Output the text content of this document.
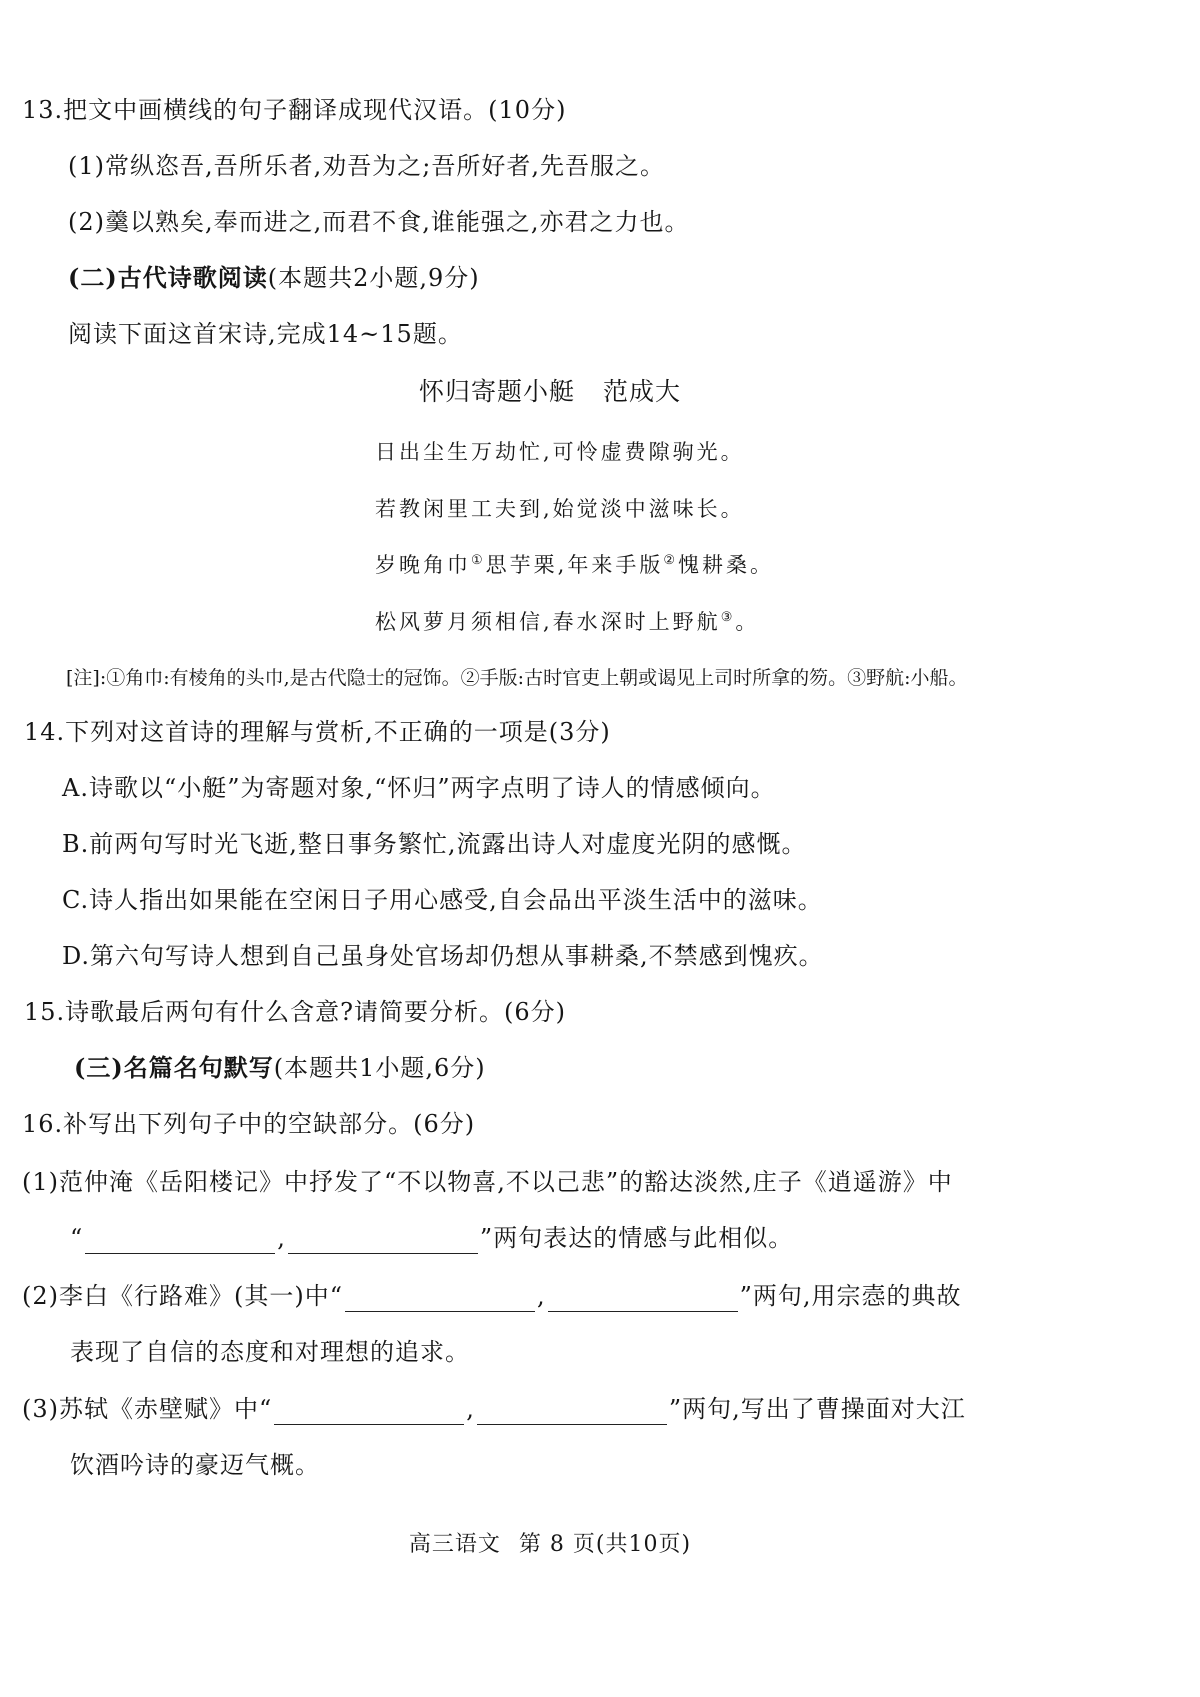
13.把文中画横线的句子翻译成现代汉语。(10分)
(1)常纵恣吾,吾所乐者,劝吾为之;吾所好者,先吾服之。
(2)羹以熟矣,奉而进之,而君不食,谁能强之,亦君之力也。
(二)古代诗歌阅读(本题共2小题,9分)
阅读下面这首宋诗,完成14~15题。
怀归寄题小艇 范成大
日出尘生万劫忙,可怜虚费隙驹光。
若教闲里工夫到,始觉淡中滋味长。
岁晚角巾①思芋栗,年来手版②愧耕桑。
松风萝月须相信,春水深时上野航③。
[注]:①角巾:有棱角的头巾,是古代隐士的冠饰。②手版:古时官吏上朝或谒见上司时所拿的笏。③野航:小船。
14.下列对这首诗的理解与赏析,不正确的一项是(3分)
A.诗歌以“小艇”为寄题对象,“怀归”两字点明了诗人的情感倾向。
B.前两句写时光飞逝,整日事务繁忙,流露出诗人对虚度光阴的感慨。
C.诗人指出如果能在空闲日子用心感受,自会品出平淡生活中的滋味。
D.第六句写诗人想到自己虽身处官场却仍想从事耕桑,不禁感到愧疚。
15.诗歌最后两句有什么含意?请简要分析。(6分)
(三)名篇名句默写(本题共1小题,6分)
16.补写出下列句子中的空缺部分。(6分)
(1)范仲淹《岳阳楼记》中抒发了“不以物喜,不以己悲”的豁达淡然,庄子《逍遥游》中
“	,	”两句表达的情感与此相似。
(2)李白《行路难》(其一)中“	,	”两句,用宗悫的典故
表现了自信的态度和对理想的追求。
(3)苏轼《赤壁赋》中“	,	”两句,写出了曹操面对大江
饮酒吟诗的豪迈气概。
高三语文 第 8 页(共10页)
